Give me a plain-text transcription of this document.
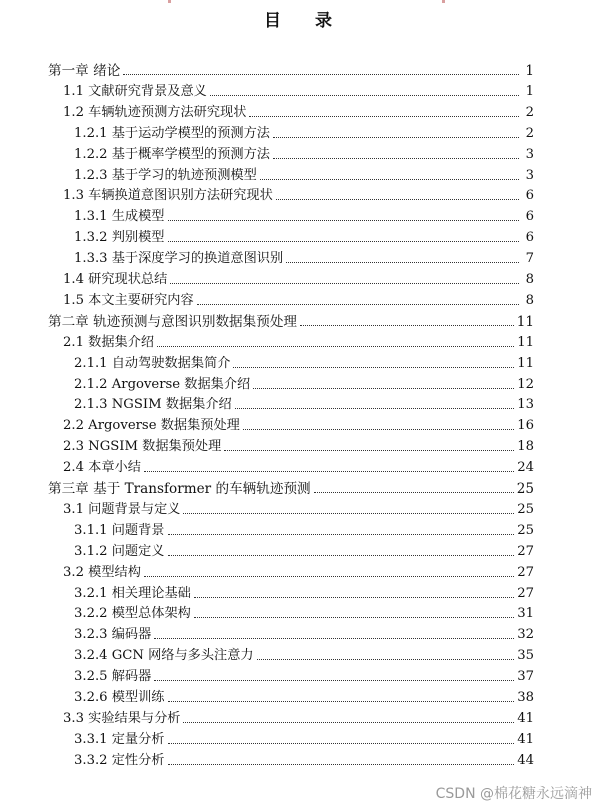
目 录
第一章 绪论	1
1.1 文献研究背景及意义	1
1.2 车辆轨迹预测方法研究现状	2
1.2.1 基于运动学模型的预测方法	2
1.2.2 基于概率学模型的预测方法	3
1.2.3 基于学习的轨迹预测模型	3
1.3 车辆换道意图识别方法研究现状	6
1.3.1 生成模型	6
1.3.2 判别模型	6
1.3.3 基于深度学习的换道意图识别	7
1.4 研究现状总结	8
1.5 本文主要研究内容	8
第二章 轨迹预测与意图识别数据集预处理	11
2.1 数据集介绍	11
2.1.1 自动驾驶数据集简介	11
2.1.2 Argoverse 数据集介绍	12
2.1.3 NGSIM 数据集介绍	13
2.2 Argoverse 数据集预处理	16
2.3 NGSIM 数据集预处理	18
2.4 本章小结	24
第三章 基于 Transformer 的车辆轨迹预测	25
3.1 问题背景与定义	25
3.1.1 问题背景	25
3.1.2 问题定义	27
3.2 模型结构	27
3.2.1 相关理论基础	27
3.2.2 模型总体架构	31
3.2.3 编码器	32
3.2.4 GCN 网络与多头注意力	35
3.2.5 解码器	37
3.2.6 模型训练	38
3.3 实验结果与分析	41
3.3.1 定量分析	41
3.3.2 定性分析	44
CSDN @棉花糖永远滴神
